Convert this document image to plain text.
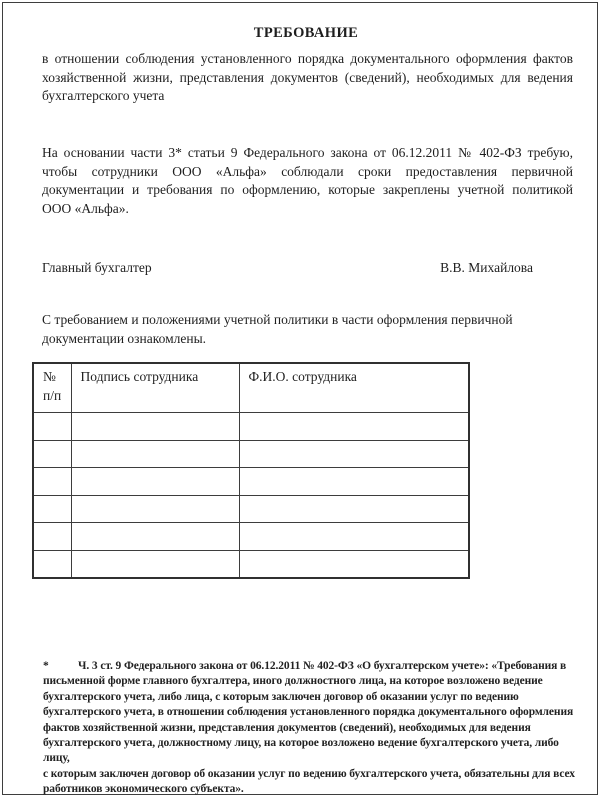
ТРЕБОВАНИЕ
в отношении соблюдения установленного порядка документального оформления фактов
хозяйственной жизни, представления документов (сведений), необходимых для ведения
бухгалтерского учета
На основании части 3* статьи 9 Федерального закона от 06.12.2011 № 402-ФЗ требую,
чтобы сотрудники ООО «Альфа» соблюдали сроки предоставления первичной
документации и требования по оформлению, которые закреплены учетной политикой
ООО «Альфа».
Главный бухгалтер	В.В. Михайлова
С требованием и положениями учетной политики в части оформления первичной
документации ознакомлены.
№ п/п	Подпись сотрудника	Ф.И.О. сотрудника

*	Ч. 3 ст. 9 Федерального закона от 06.12.2011 № 402-ФЗ «О бухгалтерском учете»: «Требования в
письменной форме главного бухгалтера, иного должностного лица, на которое возложено ведение
бухгалтерского учета, либо лица, с которым заключен договор об оказании услуг по ведению
бухгалтерского учета, в отношении соблюдения установленного порядка документального оформления
фактов хозяйственной жизни, представления документов (сведений), необходимых для ведения
бухгалтерского учета, должностному лицу, на которое возложено ведение бухгалтерского учета, либо лицу,
с которым заключен договор об оказании услуг по ведению бухгалтерского учета, обязательны для всех
работников экономического субъекта».
